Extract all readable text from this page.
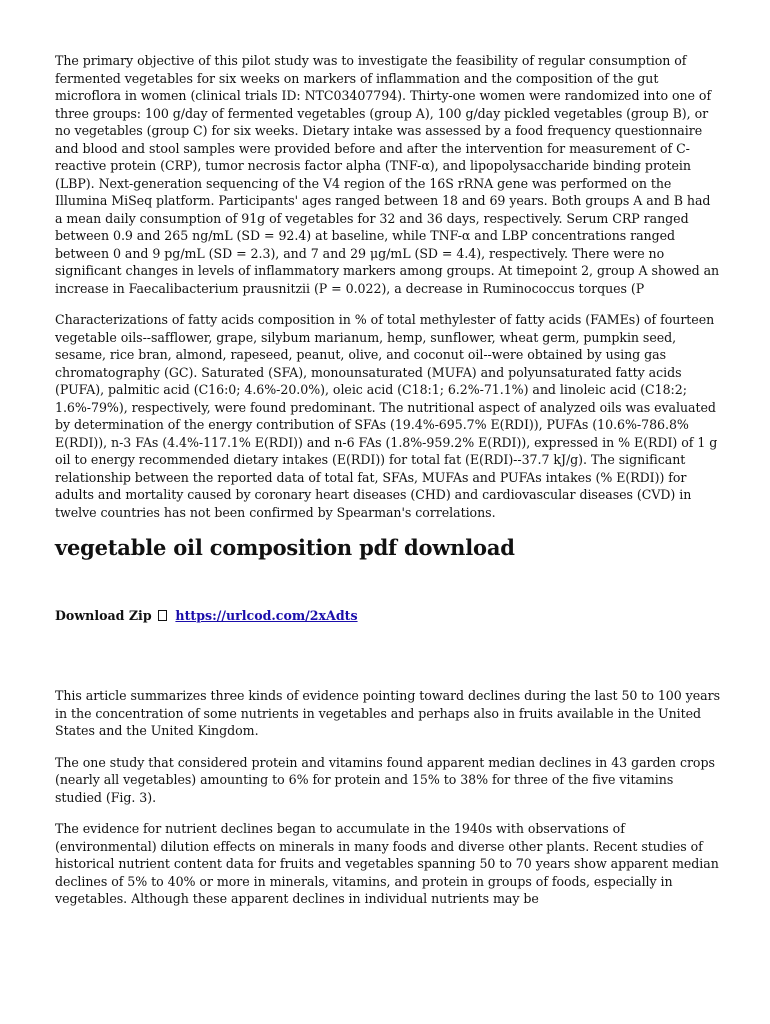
The primary objective of this pilot study was to investigate the feasibility of regular consumption of fermented vegetables for six weeks on markers of inflammation and the composition of the gut microflora in women (clinical trials ID: NTC03407794). Thirty-one women were randomized into one of three groups: 100 g/day of fermented vegetables (group A), 100 g/day pickled vegetables (group B), or no vegetables (group C) for six weeks. Dietary intake was assessed by a food frequency questionnaire and blood and stool samples were provided before and after the intervention for measurement of C-reactive protein (CRP), tumor necrosis factor alpha (TNF-α), and lipopolysaccharide binding protein (LBP). Next-generation sequencing of the V4 region of the 16S rRNA gene was performed on the Illumina MiSeq platform. Participants' ages ranged between 18 and 69 years. Both groups A and B had a mean daily consumption of 91g of vegetables for 32 and 36 days, respectively. Serum CRP ranged between 0.9 and 265 ng/mL (SD = 92.4) at baseline, while TNF-α and LBP concentrations ranged between 0 and 9 pg/mL (SD = 2.3), and 7 and 29 μg/mL (SD = 4.4), respectively. There were no significant changes in levels of inflammatory markers among groups. At timepoint 2, group A showed an increase in Faecalibacterium prausnitzii (P = 0.022), a decrease in Ruminococcus torques (P

Characterizations of fatty acids composition in % of total methylester of fatty acids (FAMEs) of fourteen vegetable oils--safflower, grape, silybum marianum, hemp, sunflower, wheat germ, pumpkin seed, sesame, rice bran, almond, rapeseed, peanut, olive, and coconut oil--were obtained by using gas chromatography (GC). Saturated (SFA), monounsaturated (MUFA) and polyunsaturated fatty acids (PUFA), palmitic acid (C16:0; 4.6%-20.0%), oleic acid (C18:1; 6.2%-71.1%) and linoleic acid (C18:2; 1.6%-79%), respectively, were found predominant. The nutritional aspect of analyzed oils was evaluated by determination of the energy contribution of SFAs (19.4%-695.7% E(RDI)), PUFAs (10.6%-786.8% E(RDI)), n-3 FAs (4.4%-117.1% E(RDI)) and n-6 FAs (1.8%-959.2% E(RDI)), expressed in % E(RDI) of 1 g oil to energy recommended dietary intakes (E(RDI)) for total fat (E(RDI)--37.7 kJ/g). The significant relationship between the reported data of total fat, SFAs, MUFAs and PUFAs intakes (% E(RDI)) for adults and mortality caused by coronary heart diseases (CHD) and cardiovascular diseases (CVD) in twelve countries has not been confirmed by Spearman's correlations.

vegetable oil composition pdf download
Download Zip https://urlcod.com/2xAdts

This article summarizes three kinds of evidence pointing toward declines during the last 50 to 100 years in the concentration of some nutrients in vegetables and perhaps also in fruits available in the United States and the United Kingdom.

The one study that considered protein and vitamins found apparent median declines in 43 garden crops (nearly all vegetables) amounting to 6% for protein and 15% to 38% for three of the five vitamins studied (Fig. 3).

The evidence for nutrient declines began to accumulate in the 1940s with observations of (environmental) dilution effects on minerals in many foods and diverse other plants. Recent studies of historical nutrient content data for fruits and vegetables spanning 50 to 70 years show apparent median declines of 5% to 40% or more in minerals, vitamins, and protein in groups of foods, especially in vegetables. Although these apparent declines in individual nutrients may be
